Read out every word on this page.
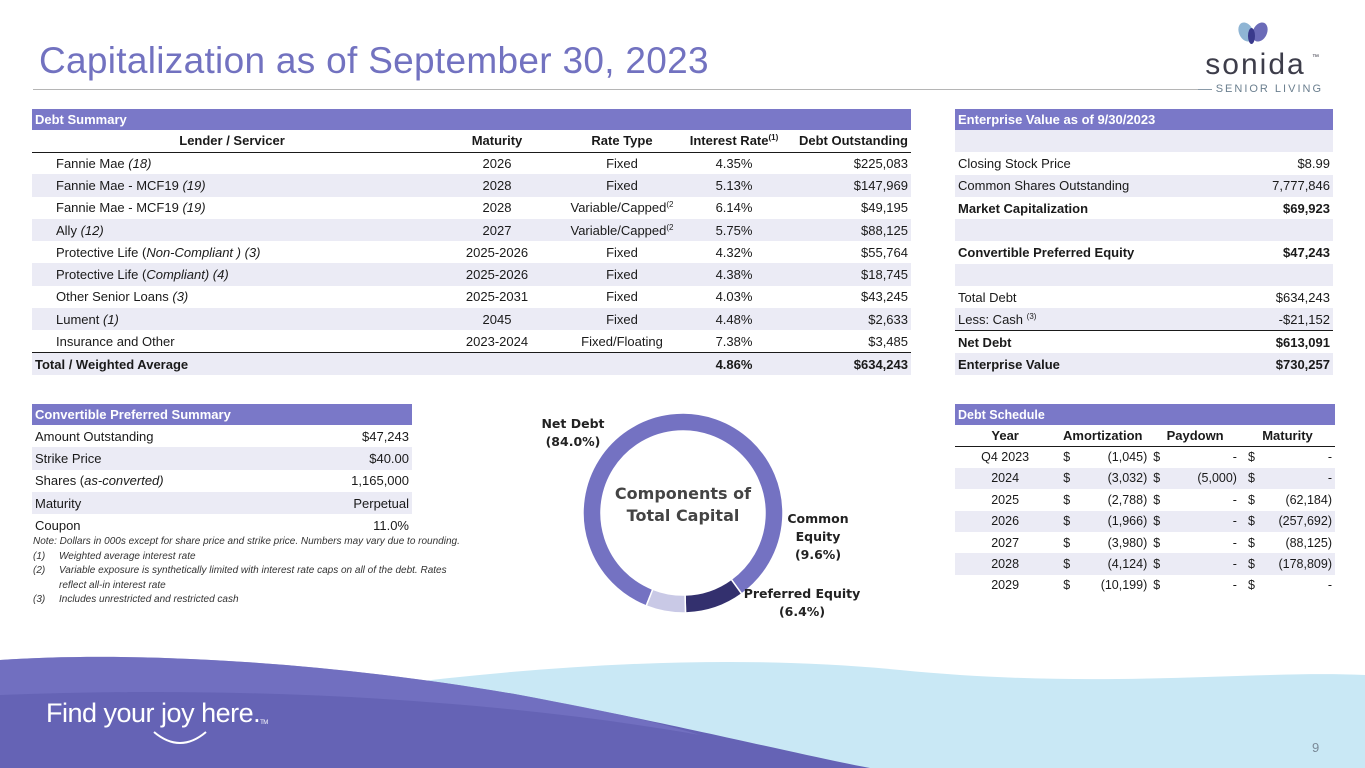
Capitalization as of September 30, 2023	sonida ™
SENIOR LIVING
Debt Summary				
Lender / Servicer	Maturity	Rate Type	Interest Rate$^{(1)}$	Debt Outstanding
Fannie Mae (18)	2026	Fixed	4.35%	$225,083
Fannie Mae - MCF19 (19)	2028	Fixed	5.13%	$147,969
Fannie Mae - MCF19 (19)	2028	Variable/Capped$^{(2}$	6.14%	$49,195
Ally (12)	2027	Variable/Capped$^{(2}$	5.75%	$88,125
Protective Life (Non-Compliant ) (3)	2025-2026	Fixed	4.32%	$55,764
Protective Life (Compliant) (4)	2025-2026	Fixed	4.38%	$18,745
Other Senior Loans (3)	2025-2031	Fixed	4.03%	$43,245
Lument (1)	2045	Fixed	4.48%	$2,633
Insurance and Other	2023-2024	Fixed/Floating	7.38%	$3,485
Total / Weighted Average			4.86%	$634,243
Enterprise Value as of 9/30/2023	

Closing Stock Price	$8.99
Common Shares Outstanding	7,777,846
Market Capitalization	$69,923

Convertible Preferred Equity	$47,243

Total Debt	$634,243
Less: Cash $^{(3)}$	-$21,152
Net Debt	$613,091
Enterprise Value	$730,257
Convertible Preferred Summary	
Amount Outstanding	$47,243
Strike Price	$40.00
Shares (as-converted)	1,165,000
Maturity	Perpetual
Coupon	11.0%
Note: Dollars in 000s except for share price and strike price. Numbers may vary due to rounding.
(1)	Weighted average interest rate
(2)	Variable exposure is synthetically limited with interest rate caps on all of the debt. Rates
reflect all-in interest rate
(3)	Includes unrestricted and restricted cash
Net Debt
(84.0%)
Common
Equity
(9.6%)
Preferred Equity
(6.4%)
Components of
Total Capital
Debt Schedule						
Year	Amortization		Paydown		Maturity	
Q4 2023	$	(1,045)	$	-	$	-
2024	$	(3,032)	$	(5,000)	$	-
2025	$	(2,788)	$	-	$	(62,184)
2026	$	(1,966)	$	-	$	(257,692)
2027	$	(3,980)	$	-	$	(88,125)
2028	$	(4,124)	$	-	$	(178,809)
2029	$	(10,199)	$	-	$	-
Find your joy here.TM
9
